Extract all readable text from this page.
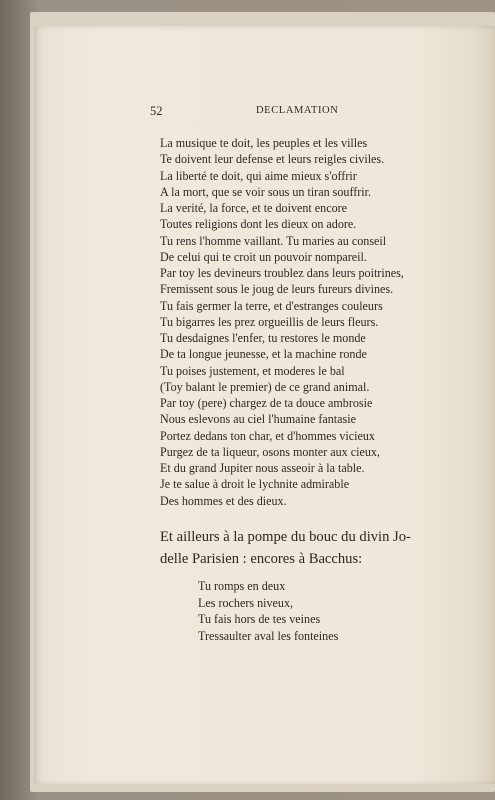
52	DECLAMATION
La musique te doit, les peuples et les villes
Te doivent leur defense et leurs reigles civiles.
La liberté te doit, qui aime mieux s'offrir
A la mort, que se voir sous un tiran souffrir.
La verité, la force, et te doivent encore
Toutes religions dont les dieux on adore.
Tu rens l'homme vaillant. Tu maries au conseil
De celui qui te croit un pouvoir nompareil.
Par toy les devineurs troublez dans leurs poitrines,
Fremissent sous le joug de leurs fureurs divines.
Tu fais germer la terre, et d'estranges couleurs
Tu bigarres les prez orgueillis de leurs fleurs.
Tu desdaignes l'enfer, tu restores le monde
De ta longue jeunesse, et la machine ronde
Tu poises justement, et moderes le bal
(Toy balant le premier) de ce grand animal.
Par toy (pere) chargez de ta douce ambrosie
Nous eslevons au ciel l'humaine fantasie
Portez dedans ton char, et d'hommes vicieux
Purgez de ta liqueur, osons monter aux cieux,
Et du grand Jupiter nous asseoir à la table.
Je te salue à droit le lychnite admirable
Des hommes et des dieux.
Et ailleurs à la pompe du bouc du divin Jo-
delle Parisien : encores à Bacchus:
Tu romps en deux
Les rochers niveux,
Tu fais hors de tes veines
Tressaulter aval les fonteines
